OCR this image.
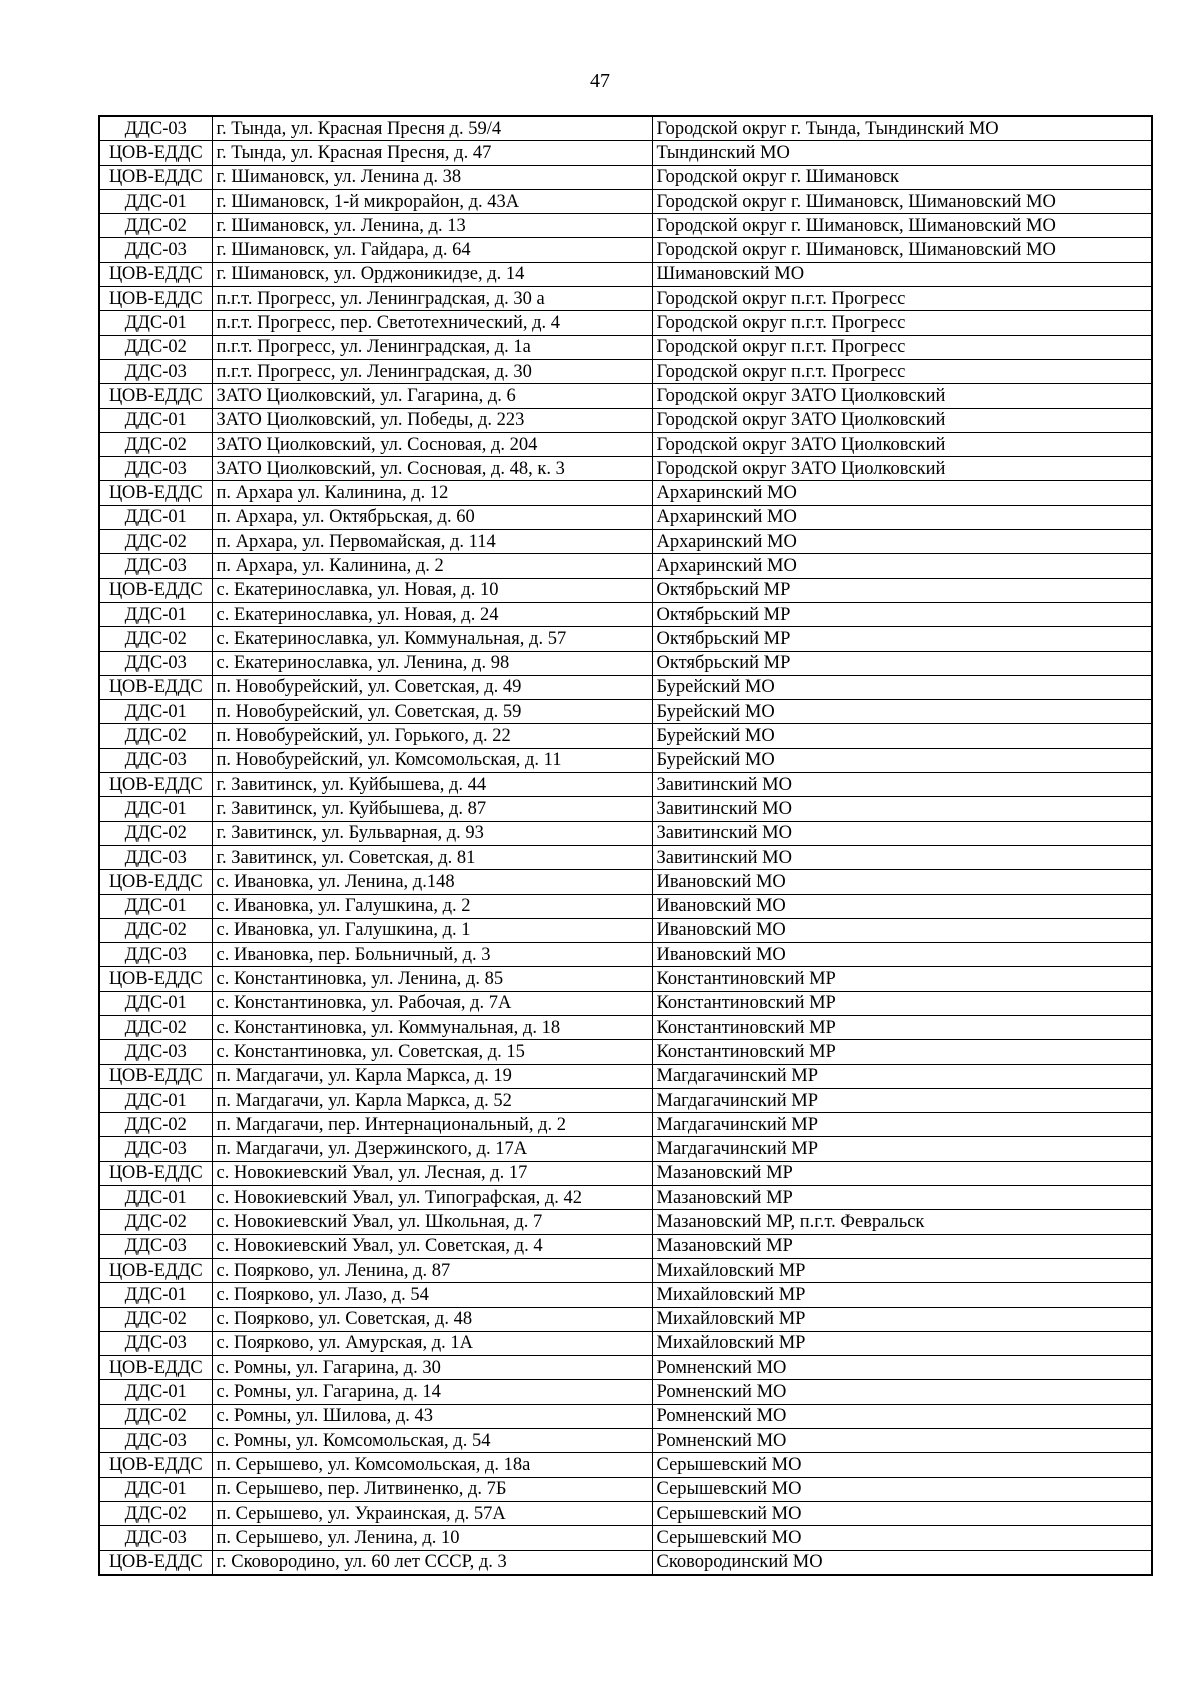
47
ДДС-03	г. Тында, ул. Красная Пресня д. 59/4	Городской округ г. Тында, Тындинский МО
ЦОВ-ЕДДС	г. Тында, ул. Красная Пресня, д. 47	Тындинский МО
ЦОВ-ЕДДС	г. Шимановск, ул. Ленина д. 38	Городской округ г. Шимановск
ДДС-01	г. Шимановск, 1-й микрорайон, д. 43А	Городской округ г. Шимановск, Шимановский МО
ДДС-02	г. Шимановск, ул. Ленина, д. 13	Городской округ г. Шимановск, Шимановский МО
ДДС-03	г. Шимановск, ул. Гайдара, д. 64	Городской округ г. Шимановск, Шимановский МО
ЦОВ-ЕДДС	г. Шимановск, ул. Орджоникидзе, д. 14	Шимановский МО
ЦОВ-ЕДДС	п.г.т. Прогресс, ул. Ленинградская, д. 30 а	Городской округ п.г.т. Прогресс
ДДС-01	п.г.т. Прогресс, пер. Светотехнический, д. 4	Городской округ п.г.т. Прогресс
ДДС-02	п.г.т. Прогресс, ул. Ленинградская, д. 1а	Городской округ п.г.т. Прогресс
ДДС-03	п.г.т. Прогресс, ул. Ленинградская, д. 30	Городской округ п.г.т. Прогресс
ЦОВ-ЕДДС	ЗАТО Циолковский, ул. Гагарина, д. 6	Городской округ ЗАТО Циолковский
ДДС-01	ЗАТО Циолковский, ул. Победы, д. 223	Городской округ ЗАТО Циолковский
ДДС-02	ЗАТО Циолковский, ул. Сосновая, д. 204	Городской округ ЗАТО Циолковский
ДДС-03	ЗАТО Циолковский, ул. Сосновая, д. 48, к. 3	Городской округ ЗАТО Циолковский
ЦОВ-ЕДДС	п. Архара ул. Калинина, д. 12	Архаринский МО
ДДС-01	п. Архара, ул. Октябрьская, д. 60	Архаринский МО
ДДС-02	п. Архара, ул. Первомайская, д. 114	Архаринский МО
ДДС-03	п. Архара, ул. Калинина, д. 2	Архаринский МО
ЦОВ-ЕДДС	с. Екатеринославка, ул. Новая, д. 10	Октябрьский МР
ДДС-01	с. Екатеринославка, ул. Новая, д. 24	Октябрьский МР
ДДС-02	с. Екатеринославка, ул. Коммунальная, д. 57	Октябрьский МР
ДДС-03	с. Екатеринославка, ул. Ленина, д. 98	Октябрьский МР
ЦОВ-ЕДДС	п. Новобурейский, ул. Советская, д. 49	Бурейский МО
ДДС-01	п. Новобурейский, ул. Советская, д. 59	Бурейский МО
ДДС-02	п. Новобурейский, ул. Горького, д. 22	Бурейский МО
ДДС-03	п. Новобурейский, ул. Комсомольская, д. 11	Бурейский МО
ЦОВ-ЕДДС	г. Завитинск, ул. Куйбышева, д. 44	Завитинский МО
ДДС-01	г. Завитинск, ул. Куйбышева, д. 87	Завитинский МО
ДДС-02	г. Завитинск, ул. Бульварная, д. 93	Завитинский МО
ДДС-03	г. Завитинск, ул. Советская, д. 81	Завитинский МО
ЦОВ-ЕДДС	с. Ивановка, ул. Ленина, д.148	Ивановский МО
ДДС-01	с. Ивановка, ул. Галушкина, д. 2	Ивановский МО
ДДС-02	с. Ивановка, ул. Галушкина, д. 1	Ивановский МО
ДДС-03	с. Ивановка, пер. Больничный, д. 3	Ивановский МО
ЦОВ-ЕДДС	с. Константиновка, ул. Ленина, д. 85	Константиновский МР
ДДС-01	с. Константиновка, ул. Рабочая, д. 7А	Константиновский МР
ДДС-02	с. Константиновка, ул. Коммунальная, д. 18	Константиновский МР
ДДС-03	с. Константиновка, ул. Советская, д. 15	Константиновский МР
ЦОВ-ЕДДС	п. Магдагачи, ул. Карла Маркса, д. 19	Магдагачинский МР
ДДС-01	п. Магдагачи, ул. Карла Маркса, д. 52	Магдагачинский МР
ДДС-02	п. Магдагачи, пер. Интернациональный, д. 2	Магдагачинский МР
ДДС-03	п. Магдагачи, ул. Дзержинского, д. 17А	Магдагачинский МР
ЦОВ-ЕДДС	с. Новокиевский Увал, ул. Лесная, д. 17	Мазановский МР
ДДС-01	с. Новокиевский Увал, ул. Типографская, д. 42	Мазановский МР
ДДС-02	с. Новокиевский Увал, ул. Школьная, д. 7	Мазановский МР, п.г.т. Февральск
ДДС-03	с. Новокиевский Увал, ул. Советская, д. 4	Мазановский МР
ЦОВ-ЕДДС	с. Поярково, ул. Ленина, д. 87	Михайловский МР
ДДС-01	с. Поярково, ул. Лазо, д. 54	Михайловский МР
ДДС-02	с. Поярково, ул. Советская, д. 48	Михайловский МР
ДДС-03	с. Поярково, ул. Амурская, д. 1А	Михайловский МР
ЦОВ-ЕДДС	с. Ромны, ул. Гагарина, д. 30	Ромненский МО
ДДС-01	с. Ромны, ул. Гагарина, д. 14	Ромненский МО
ДДС-02	с. Ромны, ул. Шилова, д. 43	Ромненский МО
ДДС-03	с. Ромны, ул. Комсомольская, д. 54	Ромненский МО
ЦОВ-ЕДДС	п. Серышево, ул. Комсомольская, д. 18а	Серышевский МО
ДДС-01	п. Серышево, пер. Литвиненко, д. 7Б	Серышевский МО
ДДС-02	п. Серышево, ул. Украинская, д. 57А	Серышевский МО
ДДС-03	п. Серышево, ул. Ленина, д. 10	Серышевский МО
ЦОВ-ЕДДС	г. Сковородино, ул. 60 лет СССР, д. 3	Сковородинский МО
